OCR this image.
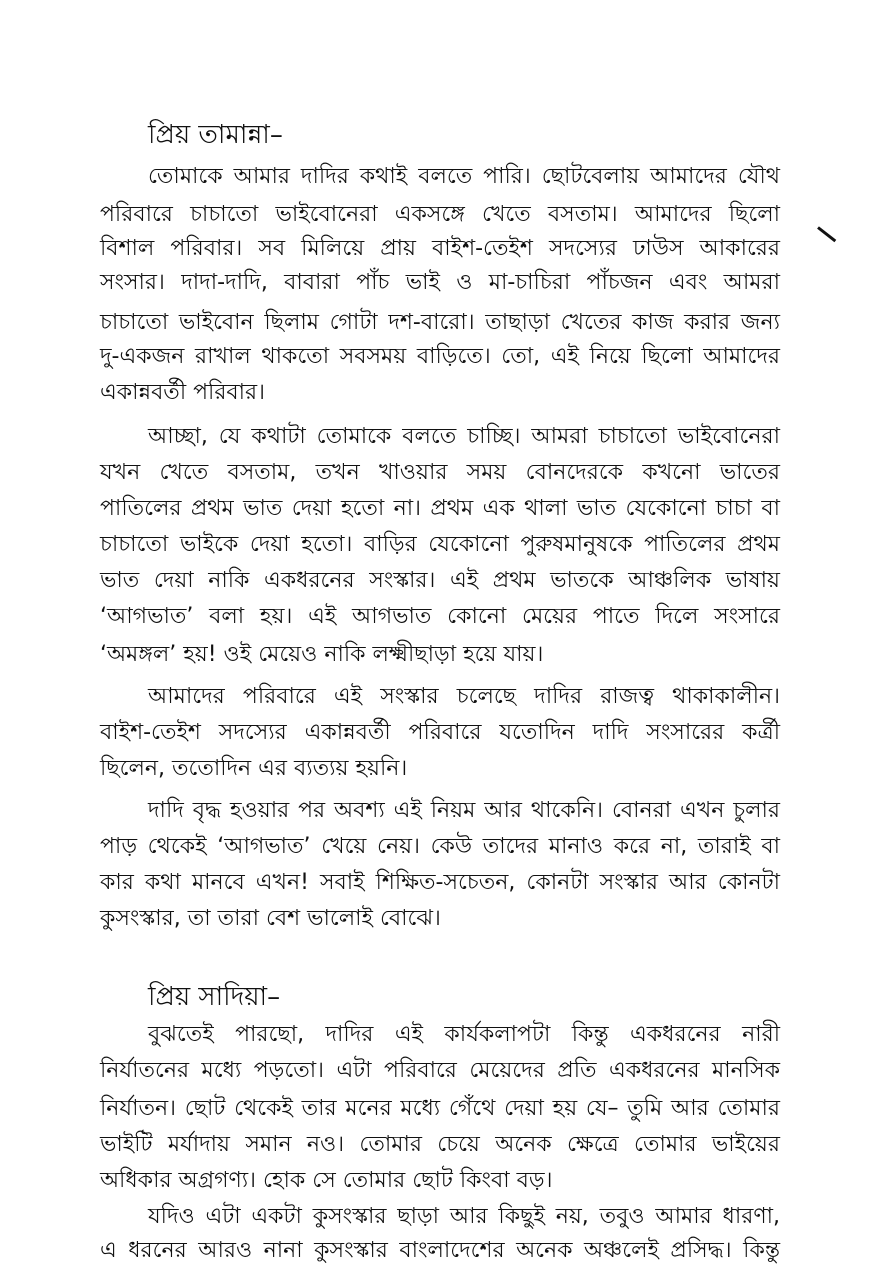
প্রিয় তামান্না–
তোমাকে আমার দাদির কথাই বলতে পারি। ছোটবেলায় আমাদের যৌথ
পরিবারে চাচাতো ভাইবোনেরা একসঙ্গে খেতে বসতাম। আমাদের ছিলো
বিশাল পরিবার। সব মিলিয়ে প্রায় বাইশ-তেইশ সদস্যের ঢাউস আকারের
সংসার। দাদা-দাদি, বাবারা পাঁচ ভাই ও মা-চাচিরা পাঁচজন এবং আমরা
চাচাতো ভাইবোন ছিলাম গোটা দশ-বারো। তাছাড়া খেতের কাজ করার জন্য
দু-একজন রাখাল থাকতো সবসময় বাড়িতে। তো, এই নিয়ে ছিলো আমাদের
একান্নবর্তী পরিবার।
আচ্ছা, যে কথাটা তোমাকে বলতে চাচ্ছি। আমরা চাচাতো ভাইবোনেরা
যখন খেতে বসতাম, তখন খাওয়ার সময় বোনদেরকে কখনো ভাতের
পাতিলের প্রথম ভাত দেয়া হতো না। প্রথম এক থালা ভাত যেকোনো চাচা বা
চাচাতো ভাইকে দেয়া হতো। বাড়ির যেকোনো পুরুষমানুষকে পাতিলের প্রথম
ভাত দেয়া নাকি একধরনের সংস্কার। এই প্রথম ভাতকে আঞ্চলিক ভাষায়
‘আগভাত’ বলা হয়। এই আগভাত কোনো মেয়ের পাতে দিলে সংসারে
‘অমঙ্গল’ হয়! ওই মেয়েও নাকি লক্ষ্মীছাড়া হয়ে যায়।
আমাদের পরিবারে এই সংস্কার চলেছে দাদির রাজত্ব থাকাকালীন।
বাইশ-তেইশ সদস্যের একান্নবর্তী পরিবারে যতোদিন দাদি সংসারের কর্ত্রী
ছিলেন, ততোদিন এর ব্যত্যয় হয়নি।
দাদি বৃদ্ধ হওয়ার পর অবশ্য এই নিয়ম আর থাকেনি। বোনরা এখন চুলার
পাড় থেকেই ‘আগভাত’ খেয়ে নেয়। কেউ তাদের মানাও করে না, তারাই বা
কার কথা মানবে এখন! সবাই শিক্ষিত-সচেতন, কোনটা সংস্কার আর কোনটা
কুসংস্কার, তা তারা বেশ ভালোই বোঝে।
প্রিয় সাদিয়া–
বুঝতেই পারছো, দাদির এই কার্যকলাপটা কিন্তু একধরনের নারী
নির্যাতনের মধ্যে পড়তো। এটা পরিবারে মেয়েদের প্রতি একধরনের মানসিক
নির্যাতন। ছোট থেকেই তার মনের মধ্যে গেঁথে দেয়া হয় যে– তুমি আর তোমার
ভাইটি মর্যাদায় সমান নও। তোমার চেয়ে অনেক ক্ষেত্রে তোমার ভাইয়ের
অধিকার অগ্রগণ্য। হোক সে তোমার ছোট কিংবা বড়।
যদিও এটা একটা কুসংস্কার ছাড়া আর কিছুই নয়, তবুও আমার ধারণা,
এ ধরনের আরও নানা কুসংস্কার বাংলাদেশের অনেক অঞ্চলেই প্রসিদ্ধ। কিন্তু
